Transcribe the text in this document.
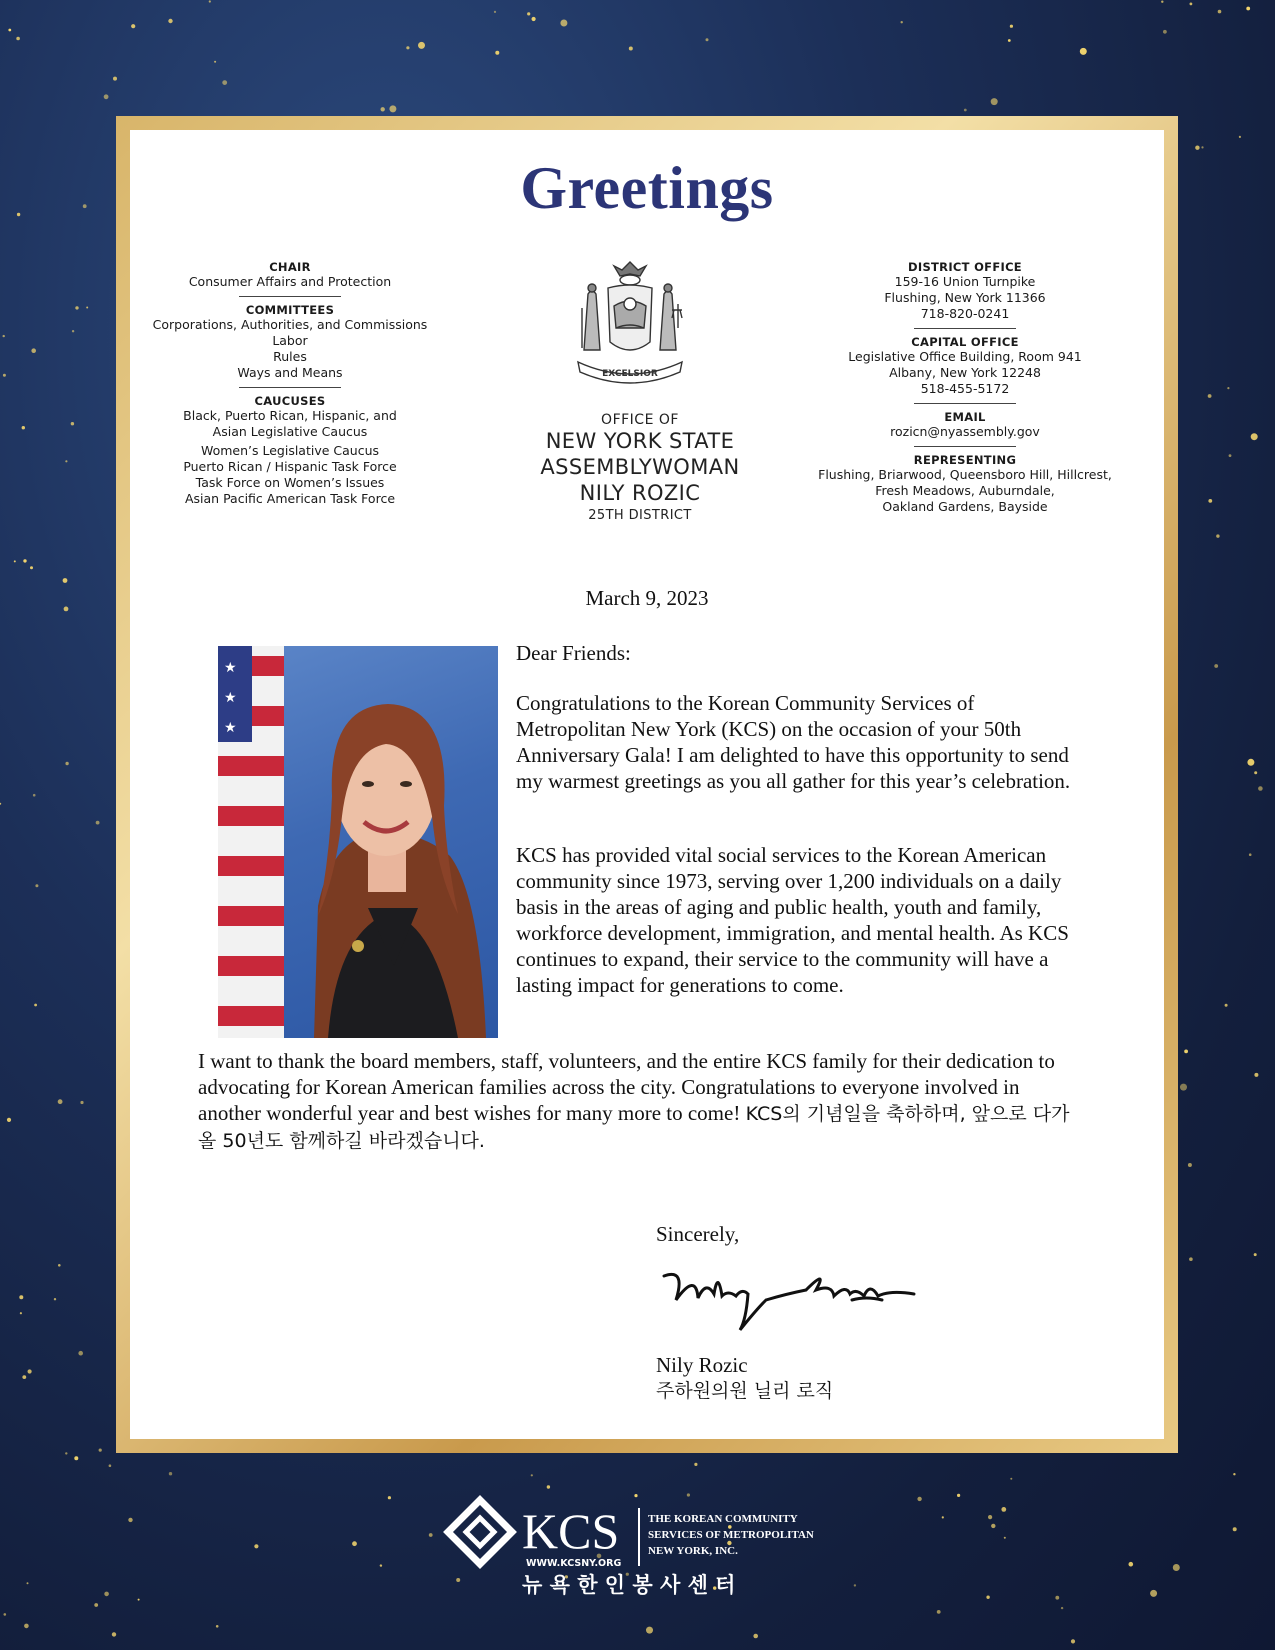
Greetings
CHAIR
Consumer Affairs and Protection
COMMITTEES
Corporations, Authorities, and Commissions
Labor
Rules
Ways and Means
CAUCUSES
Black, Puerto Rican, Hispanic, and
Asian Legislative Caucus
Women’s Legislative Caucus
Puerto Rican / Hispanic Task Force
Task Force on Women’s Issues
Asian Pacific American Task Force
EXCELSIOR
OFFICE OF
NEW YORK STATE
ASSEMBLYWOMAN
NILY ROZIC
25TH DISTRICT
DISTRICT OFFICE
159-16 Union Turnpike
Flushing, New York 11366
718-820-0241
CAPITAL OFFICE
Legislative Office Building, Room 941
Albany, New York 12248
518-455-5172
EMAIL
rozicn@nyassembly.gov
REPRESENTING
Flushing, Briarwood, Queensboro Hill, Hillcrest,
Fresh Meadows, Auburndale,
Oakland Gardens, Bayside
March 9, 2023
★
★
★
Dear Friends:
Congratulations to the Korean Community Services of Metropolitan New York (KCS) on the occasion of your 50th Anniversary Gala! I am delighted to have this opportunity to send my warmest greetings as you all gather for this year’s celebration.
KCS has provided vital social services to the Korean American community since 1973, serving over 1,200 individuals on a daily basis in the areas of aging and public health, youth and family, workforce development, immigration, and mental health. As KCS continues to expand, their service to the community will have a lasting impact for generations to come.
I want to thank the board members, staff, volunteers, and the entire KCS family for their dedication to advocating for Korean American families across the city. Congratulations to everyone involved in another wonderful year and best wishes for many more to come! KCS의 기념일을 축하하며, 앞으로 다가올 50년도 함께하길 바라겠습니다.
Sincerely,
Nily Rozic
주하원의원 닐리 로직
KCS
WWW.KCSNY.ORG
THE KOREAN COMMUNITY
SERVICES OF METROPOLITAN
NEW YORK, INC.
뉴 욕 한 인 봉 사 센 터
